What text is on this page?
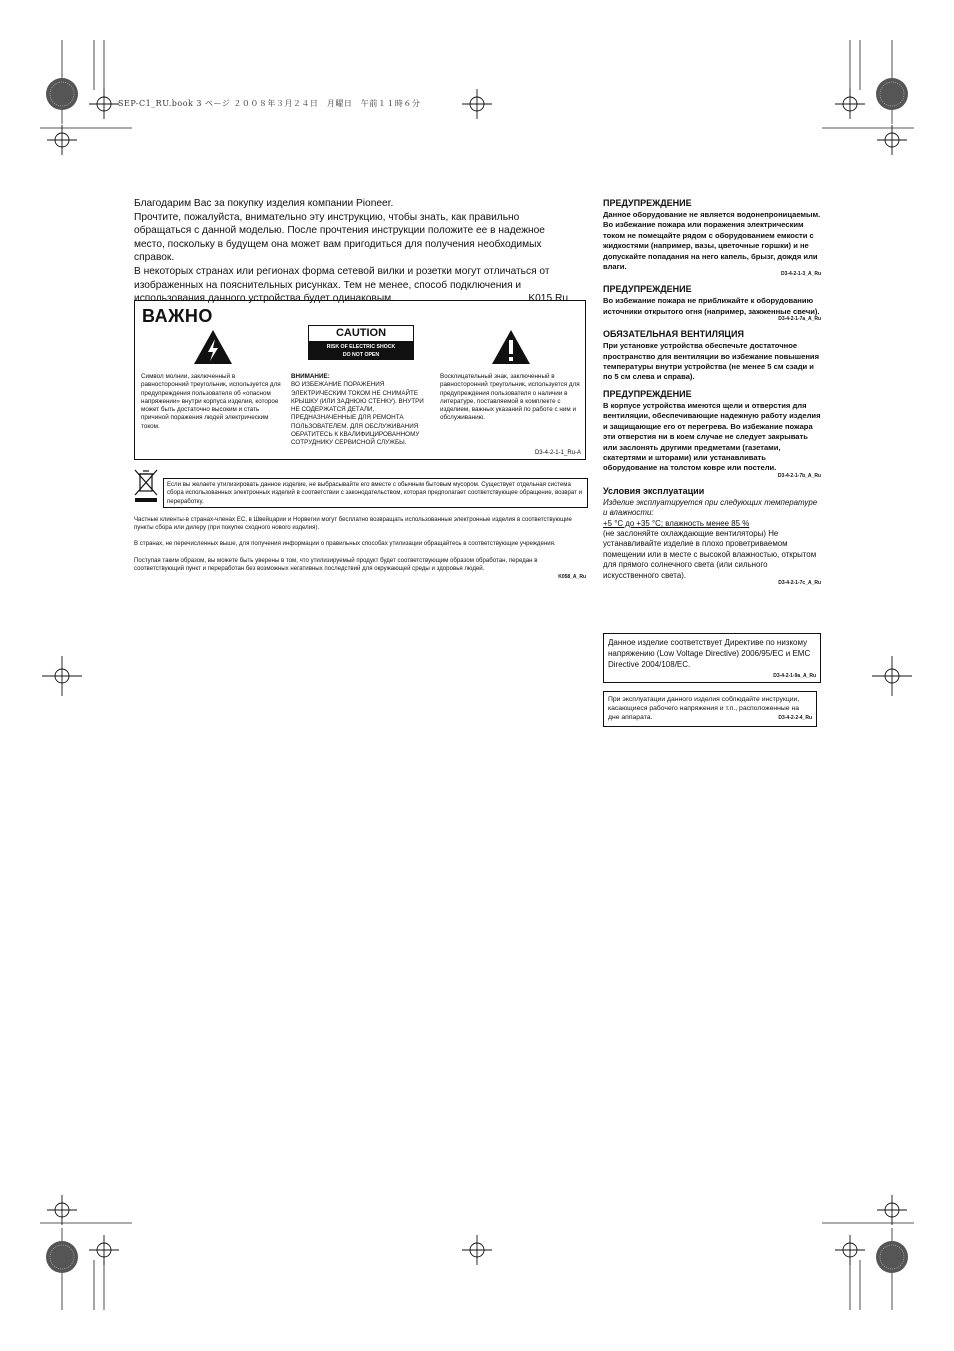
SEP-C1_RU.book 3 ページ ２００８年３月２４日　月曜日　午前１１時６分

Благодарим Вас за покупку изделия компании Pioneer.

Прочтите, пожалуйста, внимательно эту инструкцию, чтобы знать, как правильно обращаться с данной моделью. После прочтения инструкции положите ее в надежное место, поскольку в будущем она может вам пригодиться для получения необходимых справок.

В некоторых странах или регионах форма сетевой вилки и розетки могут отличаться от изображенных на пояснительных рисунках. Тем не менее, способ подключения и использования данного устройства будет одинаковым.	K015 Ru

ВАЖНО
CAUTION
RISK OF ELECTRIC SHOCK
DO NOT OPEN
Символ молнии, заключенный в равносторонний треугольник, используется для предупреждения пользователя об «опасном напряжении» внутри корпуса изделия, которое может быть достаточно высоким и стать причиной поражения людей электрическим током.
ВНИМАНИЕ:
ВО ИЗБЕЖАНИЕ ПОРАЖЕНИЯ ЭЛЕКТРИЧЕСКИМ ТОКОМ НЕ СНИМАЙТЕ КРЫШКУ (ИЛИ ЗАДНЮЮ СТЕНКУ). ВНУТРИ НЕ СОДЕРЖАТСЯ ДЕТАЛИ, ПРЕДНАЗНАЧЕННЫЕ ДЛЯ РЕМОНТА ПОЛЬЗОВАТЕЛЕМ. ДЛЯ ОБСЛУЖИВАНИЯ ОБРАТИТЕСЬ К КВАЛИФИЦИРОВАННОМУ СОТРУДНИКУ СЕРВИСНОЙ СЛУЖБЫ.
Восклицательный знак, заключенный в равносторонний треугольник, используется для предупреждения пользователя о наличии в литературе, поставляемой в комплекте с изделием, важных указаний по работе с ним и обслуживанию.
D3-4-2-1-1_Ru-A
Если вы желаете утилизировать данное изделие, не выбрасывайте его вместе с обычным бытовым мусором. Существует отдельная система сбора использованных электронных изделий в соответствии с законодательством, которая предполагает соответствующее обращение, возврат и переработку.

Частные клиенты-в странах-членах ЕС, в Швейцарии и Норвегии могут бесплатно возвращать использованные электронные изделия в соответствующие пункты сбора или дилеру (при покупке сходного нового изделия).

В странах, не перечисленных выше, для получения информации о правильных способах утилизации обращайтесь в соответствующие учреждения.

Поступая таким образом, вы можете быть уверены в том, что утилизируемый продукт будет соответствующим образом обработан, передан в соответствующий пункт и переработан без возможных негативных последствий для окружающей среды и здоровья людей.

K058_A_Ru
ПРЕДУПРЕЖДЕНИЕ
Данное оборудование не является водонепроницаемым. Во избежание пожара или поражения электрическим током не помещайте рядом с оборудованием емкости с жидкостями (например, вазы, цветочные горшки) и не допускайте попадания на него капель, брызг, дождя или влаги.
D3-4-2-1-3_A_Ru
ПРЕДУПРЕЖДЕНИЕ
Во избежание пожара не приближайте к оборудованию источники открытого огня (например, зажженные свечи).
D3-4-2-1-7a_A_Ru
ОБЯЗАТЕЛЬНАЯ ВЕНТИЛЯЦИЯ
При установке устройства обеспечьте достаточное пространство для вентиляции во избежание повышения температуры внутри устройства (не менее 5 см сзади и по 5 см слева и справа).
ПРЕДУПРЕЖДЕНИЕ
В корпусе устройства имеются щели и отверстия для вентиляции, обеспечивающие надежную работу изделия и защищающие его от перегрева. Во избежание пожара эти отверстия ни в коем случае не следует закрывать или заслонять другими предметами (газетами, скатертями и шторами) или устанавливать оборудование на толстом ковре или постели.
D3-4-2-1-7b_A_Ru
Условия эксплуатации
Изделие эксплуатируется при следующих температуре и влажности:
+5 °C до +35 °C; влажность менее 85 %
(не заслоняйте охлаждающие вентиляторы) Не устанавливайте изделие в плохо проветриваемом помещении или в месте с высокой влажностью, открытом для прямого солнечного света (или сильного искусственного света).
D3-4-2-1-7c_A_Ru
Данное изделие соответствует Директиве по низкому напряжению (Low Voltage Directive) 2006/95/EC и EMC Directive 2004/108/EC.
D3-4-2-1-9a_A_Ru
При эксплуатации данного изделия соблюдайте инструкции, касающиеся рабочего напряжения и т.п., расположенные на дне аппарата.	D3-4-2-2-4_Ru
